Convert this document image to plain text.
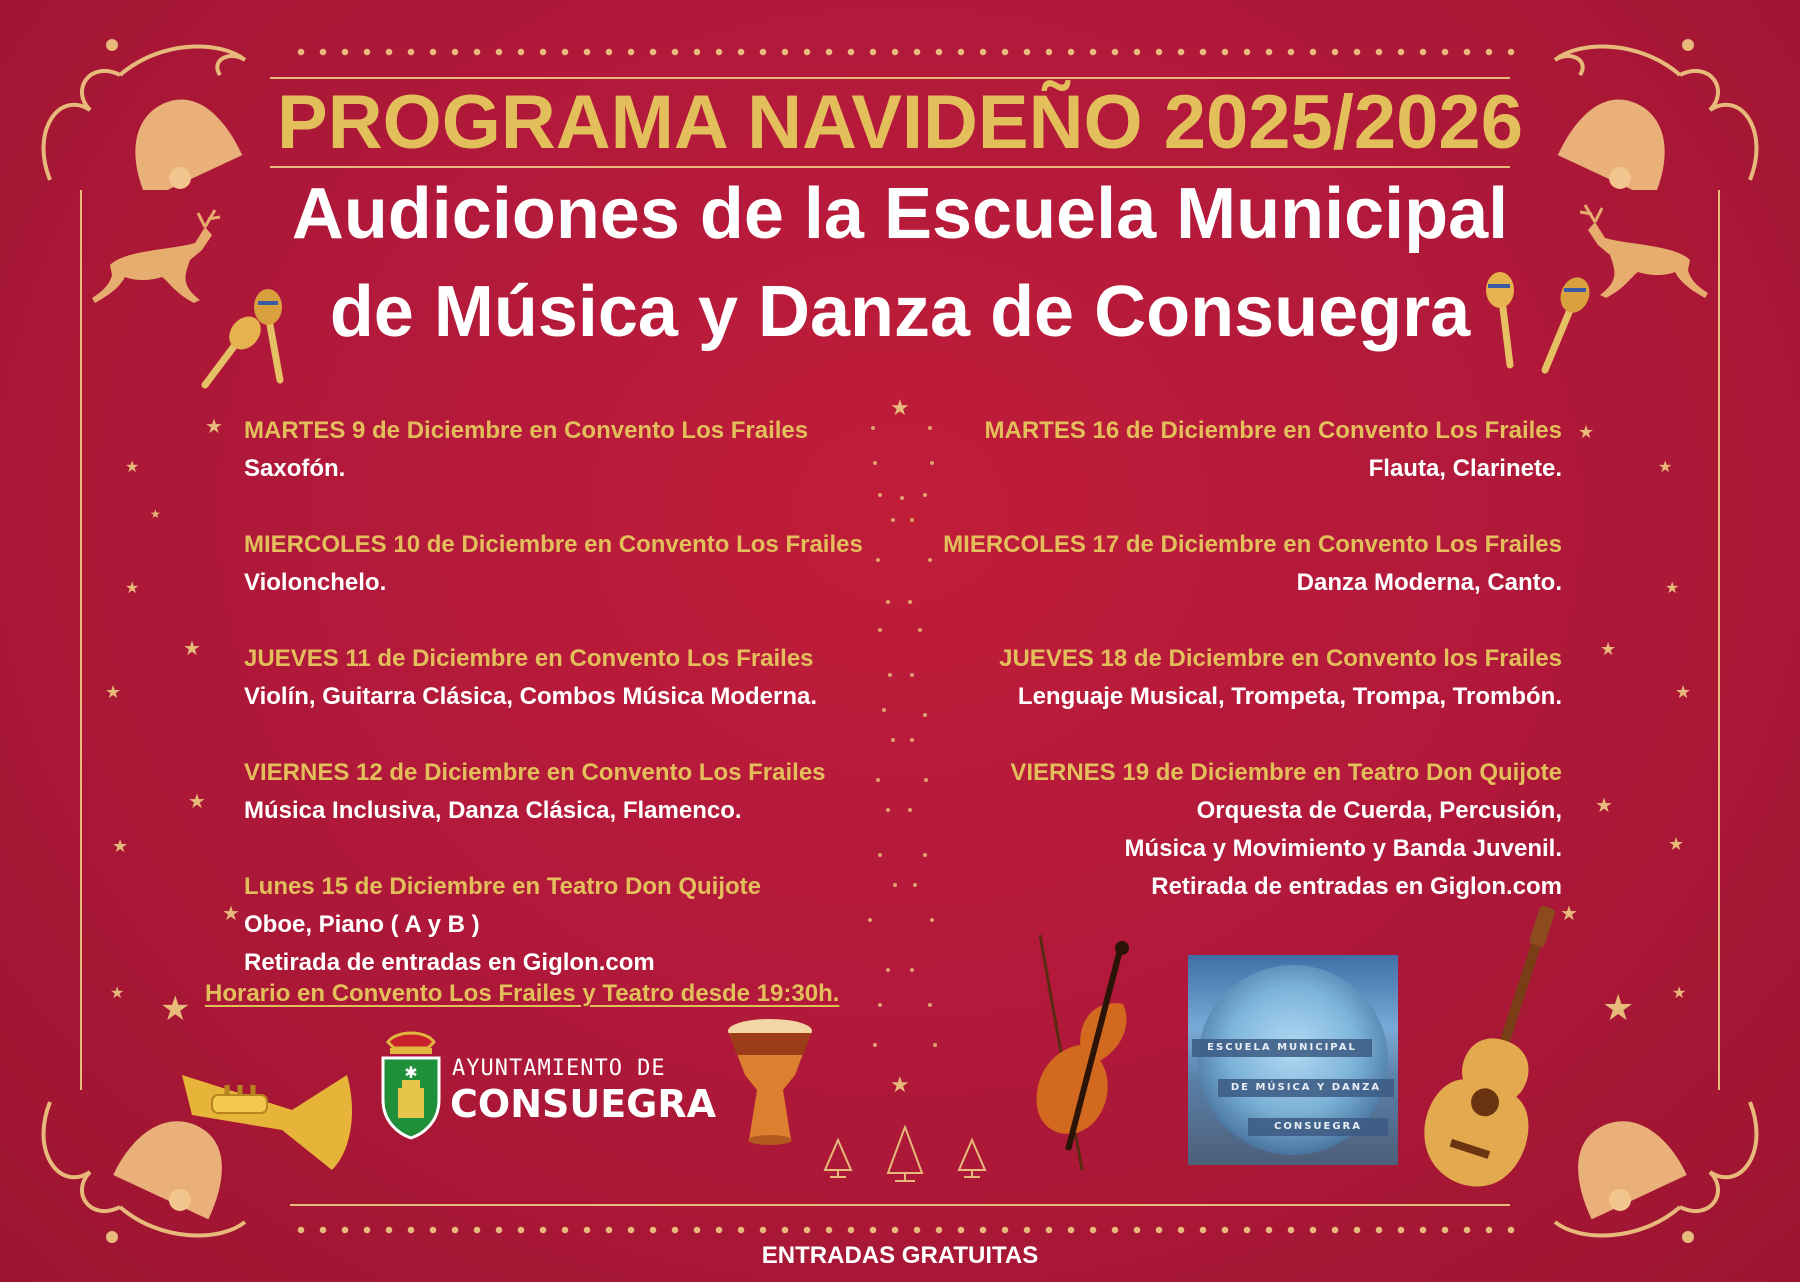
PROGRAMA NAVIDEÑO 2025/2026
Audiciones de la Escuela Municipal
de Música y Danza de Consuegra
★
★
★
★
★
★
★
★
★
★ ★
★
★
★
★
★
★
★
★
★
★
★
★
MARTES 9 de Diciembre en Convento Los Frailes
Saxofón.
MIERCOLES 10 de Diciembre en Convento Los Frailes
Violonchelo.
JUEVES 11 de Diciembre en Convento Los Frailes
Violín, Guitarra Clásica, Combos Música Moderna.
VIERNES 12 de Diciembre en Convento Los Frailes
Música Inclusiva, Danza Clásica, Flamenco.
Lunes 15 de Diciembre en Teatro Don Quijote
Oboe, Piano ( A y B )
Retirada de entradas en Giglon.com
MARTES 16 de Diciembre en Convento Los Frailes
Flauta, Clarinete.
MIERCOLES 17 de Diciembre en Convento Los Frailes
Danza Moderna, Canto.
JUEVES 18 de Diciembre en Convento los Frailes
Lenguaje Musical, Trompeta, Trompa, Trombón.
VIERNES 19 de Diciembre en Teatro Don Quijote
Orquesta de Cuerda, Percusión,
Música y Movimiento y Banda Juvenil.
Retirada de entradas en Giglon.com
Horario en Convento Los Frailes y Teatro desde 19:30h.
✱ AYUNTAMIENTO DE
CONSUEGRA
ESCUELA MUNICIPAL
DE MÚSICA Y DANZA
CONSUEGRA
ENTRADAS GRATUITAS
